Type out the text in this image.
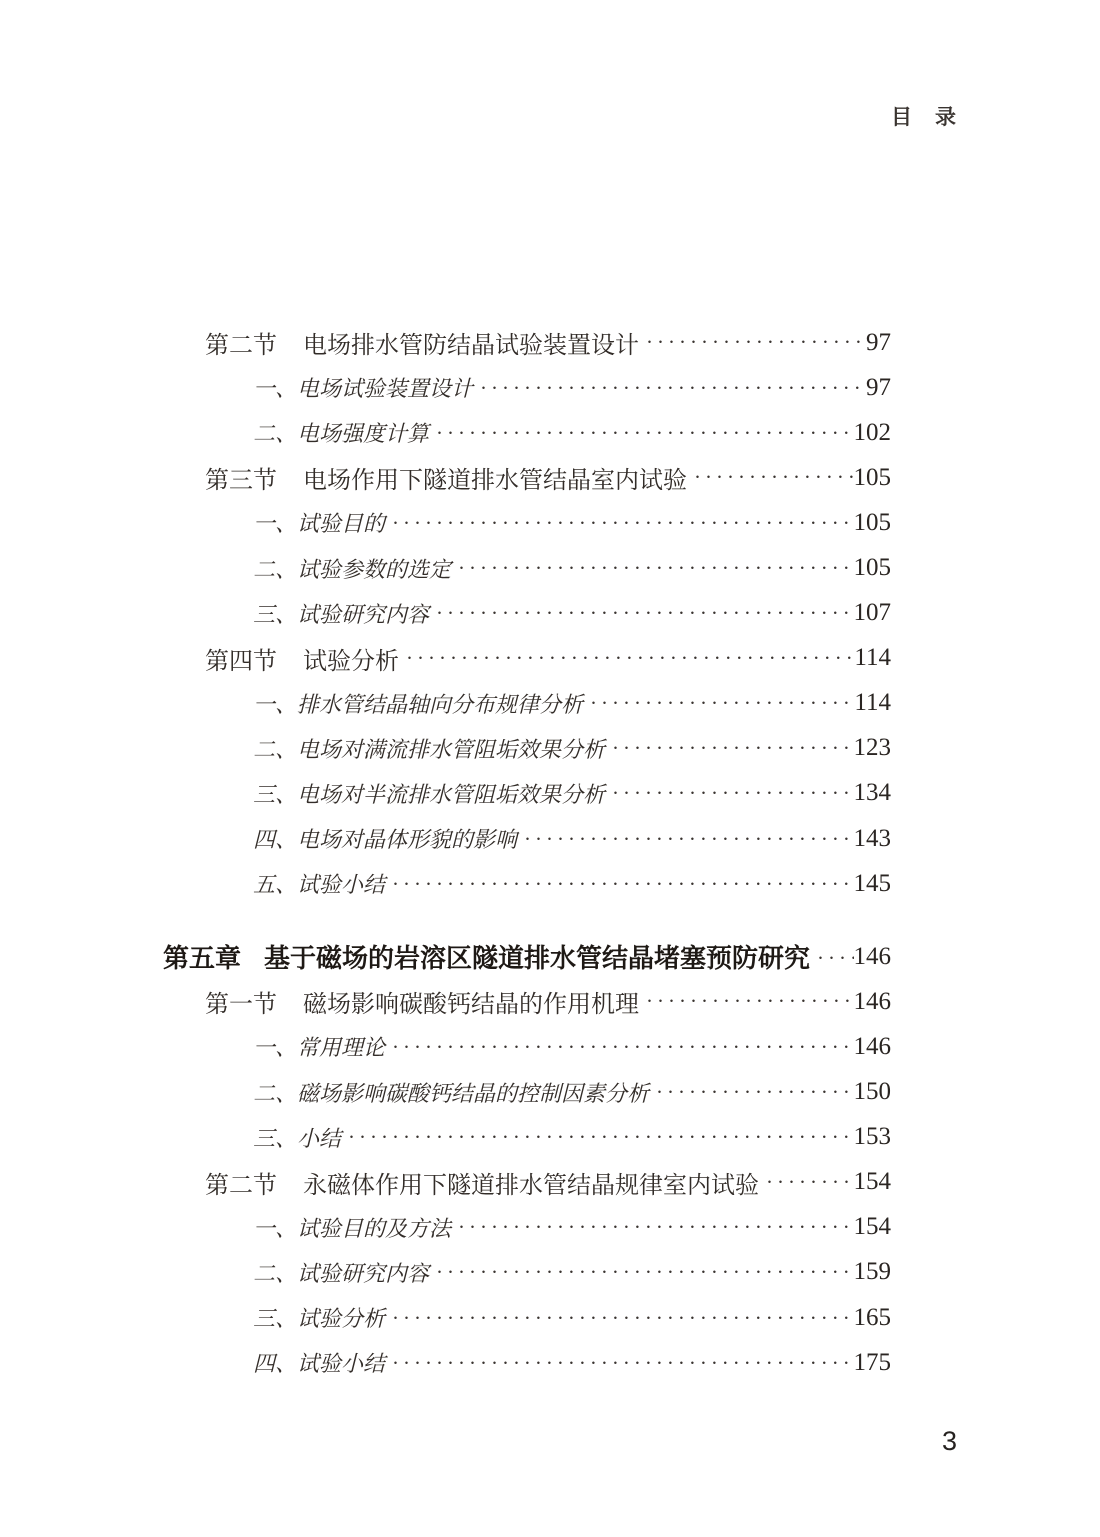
目　录
第二节 电场排水管防结晶试验装置设计 ·····	97
一、电场试验装置设计 ·····	97
二、电场强度计算 ·····	102
第三节 电场作用下隧道排水管结晶室内试验 ·····	105
一、试验目的 ·····	105
二、试验参数的选定 ·····	105
三、试验研究内容 ·····	107
第四节 试验分析 ·····	114
一、排水管结晶轴向分布规律分析 ·····	114
二、电场对满流排水管阻垢效果分析 ·····	123
三、电场对半流排水管阻垢效果分析 ·····	134
四、电场对晶体形貌的影响 ·····	143
五、试验小结 ·····	145
第五章 基于磁场的岩溶区隧道排水管结晶堵塞预防研究 ····· 146
第一节 磁场影响碳酸钙结晶的作用机理 ·····	146
一、常用理论 ·····	146
二、磁场影响碳酸钙结晶的控制因素分析 ·····	150
三、小结 ·····	153
第二节 永磁体作用下隧道排水管结晶规律室内试验 ·····	154
一、试验目的及方法 ·····	154
二、试验研究内容 ·····	159
三、试验分析 ·····	165
四、试验小结 ·····	175
3
